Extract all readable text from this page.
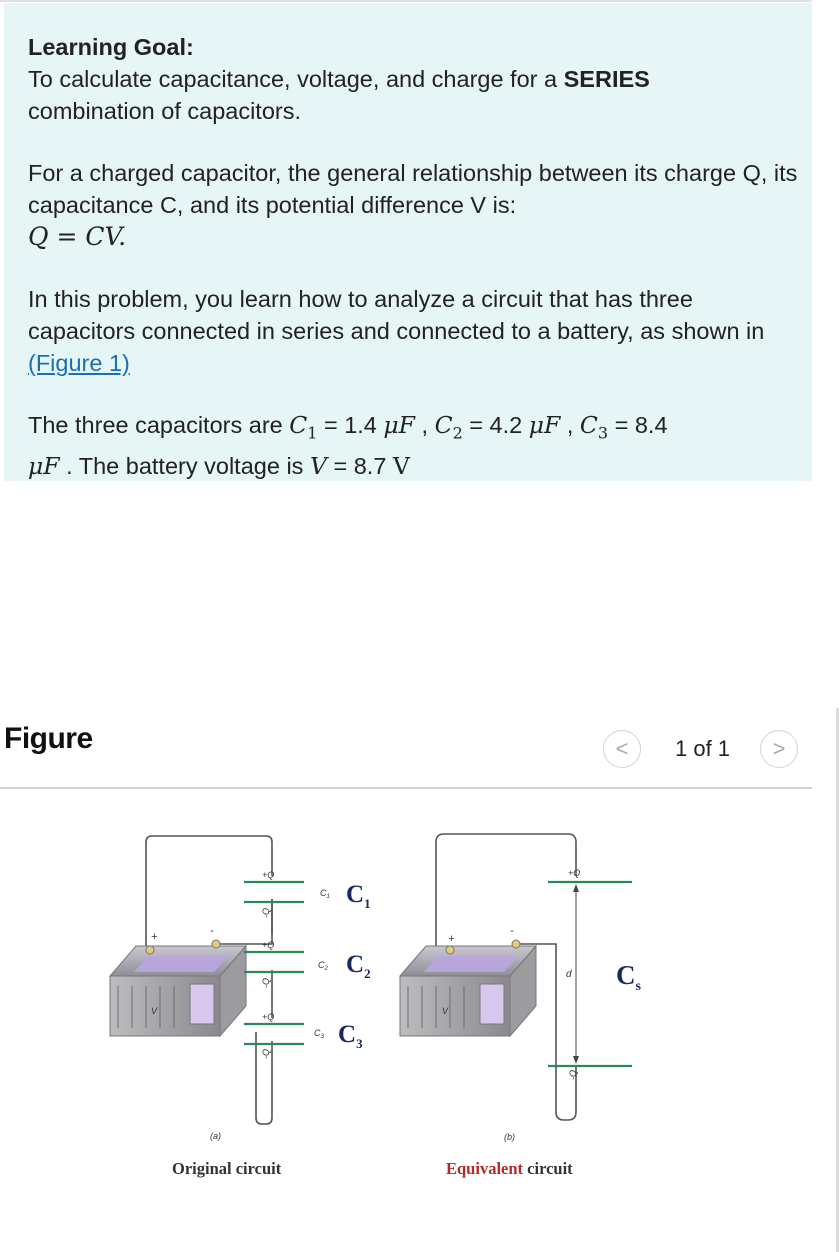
Learning Goal:
To calculate capacitance, voltage, and charge for a SERIES
combination of capacitors.

For a charged capacitor, the general relationship between its charge Q, its capacitance C, and its potential difference V is:
Q = CV.

In this problem, you learn how to analyze a circuit that has three capacitors connected in series and connected to a battery, as shown in (Figure 1)

The three capacitors are $C_1 = 1.4$ μF , $C_2 = 4.2$ μF , $C_3 = 8.4$
μF . The battery voltage is V = 8.7 V

Figure	<	1 of 1	>
+	-
V
+Q
-Q
+Q
-Q
+Q
-Q
$C_1$
$C_2$
$C_3$
$C_1$
$C_2$
$C_3$
(a)
Original circuit
+
-
V
+Q
-Q
d $C_s$
(b)
Equivalent circuit
